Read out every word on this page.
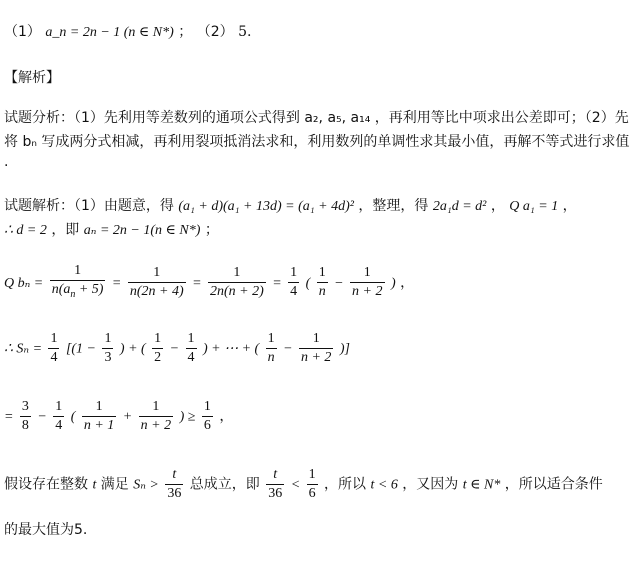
（1） a_n = 2n − 1 (n ∈ N*) ； （2） 5.
【解析】
试题分析：（1）先利用等差数列的通项公式得到 a₂, a₅, a₁₄ ，再利用等比中项求出公差即可；（2）先
将 bₙ 写成两分式相减，再利用裂项抵消法求和，利用数列的单调性求其最小值，再解不等式进行求值
.
试题解析：（1）由题意，得 (a₁ + d)(a₁ + 13d) = (a₁ + 4d)² ，整理，得 2a₁d = d² ， Q a₁ = 1 ，
∴ d = 2 ，即 aₙ = 2n − 1(n ∈ N*) ；
Q $b_n = \frac{1}{n(a_n + 5)} = \frac{1}{n(2n + 4)} = \frac{1}{2n(n + 2)} = \frac{1}{4}$ ( $\frac{1}{n} - \frac{1}{n + 2}$ ) ，
∴ $S_n = \frac{1}{4} [(1 - \frac{1}{3}$ ) + ( $\frac{1}{2} - \frac{1}{4}$ ) + ⋯ + ( $\frac{1}{n} - \frac{1}{n + 2}$ )]
= $\frac{3}{8} - \frac{1}{4}$ ( $\frac{1}{n + 1} + \frac{1}{n + 2}$ ) ≥ $\frac{1}{6}$ ，
假设存在整数 t 满足 $S_n > \frac{t}{36}$ 总成立，即 $\frac{t}{36} < \frac{1}{6}$ ，所以 t < 6 ，又因为 t ∈ N* ，所以适合条件
的最大值为5.
